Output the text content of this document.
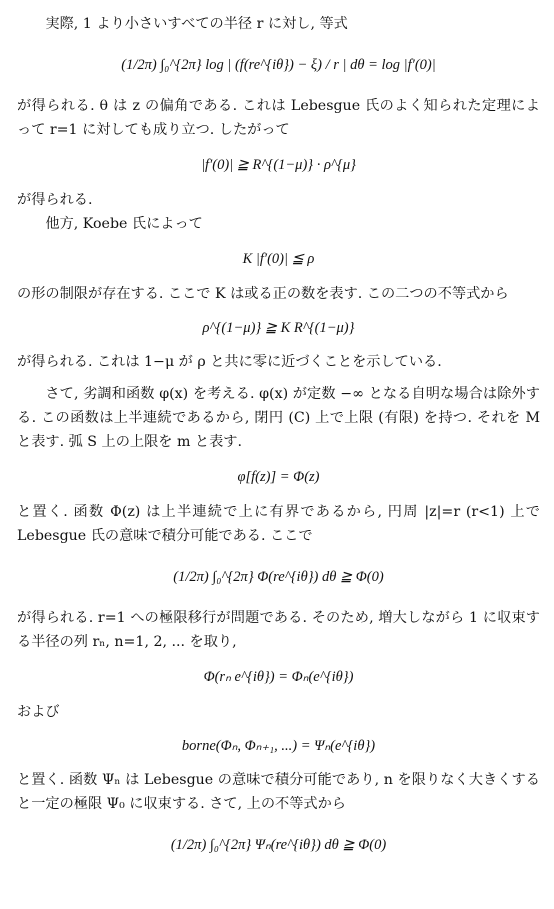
実際, 1 より小さいすべての半径 r に対し, 等式

(1/2π) ∫₀^{2π} log | (f(re^{iθ}) − ξ) / r | dθ = log |f′(0)|

が得られる. θ は z の偏角である. これは Lebesgue 氏のよく知られた定理によって r=1 に対しても成り立つ. したがって

|f′(0)| ≧ R^{(1−μ)} · ρ^{μ}

が得られる.

他方, Koebe 氏によって

K |f′(0)| ≦ ρ

の形の制限が存在する. ここで K は或る正の数を表す. この二つの不等式から

ρ^{(1−μ)} ≧ K R^{(1−μ)}

が得られる. これは 1−μ が ρ と共に零に近づくことを示している.

さて, 劣調和函数 φ(x) を考える. φ(x) が定数 −∞ となる自明な場合は除外する. この函数は上半連続であるから, 閉円 (C) 上で上限 (有限) を持つ. それを M と表す. 弧 S 上の上限を m と表す.

φ[f(z)] = Φ(z)

と置く. 函数 Φ(z) は上半連続で上に有界であるから, 円周 |z|=r (r<1) 上で Lebesgue 氏の意味で積分可能である. ここで

(1/2π) ∫₀^{2π} Φ(re^{iθ}) dθ ≧ Φ(0)

が得られる. r=1 への極限移行が問題である. そのため, 増大しながら 1 に収束する半径の列 rₙ, n=1, 2, ... を取り,

Φ(rₙ e^{iθ}) = Φₙ(e^{iθ})

および

borne(Φₙ, Φₙ₊₁, ...) = Ψₙ(e^{iθ})

と置く. 函数 Ψₙ は Lebesgue の意味で積分可能であり, n を限りなく大きくすると一定の極限 Ψ₀ に収束する. さて, 上の不等式から

(1/2π) ∫₀^{2π} Ψₙ(re^{iθ}) dθ ≧ Φ(0)
